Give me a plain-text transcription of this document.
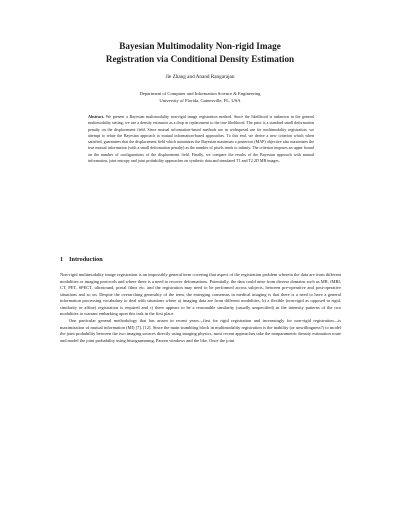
Bayesian Multimodality Non-rigid Image
Registration via Conditional Density Estimation

Jie Zhang and Anand Rangarajan

Department of Computer and Information Science & Engineering
University of Florida, Gainesville, FL, USA

Abstract. We present a Bayesian multimodality non-rigid image registration method. Since the likelihood is unknown in the general multimodality setting, we use a density estimator as a drop in replacement to the true likelihood. The prior is a standard small deformation penalty on the displacement field. Since mutual information-based methods are in widespread use for multimodality registration, we attempt to relate the Bayesian approach to mutual information-based approaches. To this end, we derive a new criterion which when satisfied, guarantees that the displacement field which minimizes the Bayesian maximum a posteriori (MAP) objective also maximizes the true mutual information (with a small deformation penalty) as the number of pixels tends to infinity. The criterion imposes an upper bound on the number of configurations of the displacement field. Finally, we compare the results of the Bayesian approach with mutual information, joint entropy and joint probability approaches on synthetic data and simulated T1 and T2 2D MR images.

1 Introduction

Non-rigid multimodality image registration is an impossibly general term covering that aspect of the registration problem wherein the data are from different modalities or imaging protocols and where there is a need to recover deformations. Potentially, the data could arise from diverse domains such as MR, fMRI, CT, PET, SPECT, ultrasound, portal films etc. and the registration may need to be performed across subjects, between pre-operative and post-operative situations and so on. Despite the overarching generality of the term, the emerging consensus in medical imaging is that there is a need to have a general information processing vocabulary to deal with situations where a) imaging data are from different modalities, b) a flexible (non-rigid as opposed to rigid, similarity or affine) registration is required and c) there appears to be a reasonable similarity (usually unspecified) in the intensity patterns of the two modalities to warrant embarking upon this task in the first place.

One particular general methodology that has arisen in recent years—first for rigid registration and increasingly for non-rigid registration—is maximization of mutual information (MI) [7], [12]. Since the main stumbling block in multimodality registration is the inability (or unwillingness?) to model the joint probability between the two imaging sources directly using imaging physics, most recent approaches take the nonparametric density estimation route and model the joint probability using histogramming, Parzen windows and the like. Once the joint
